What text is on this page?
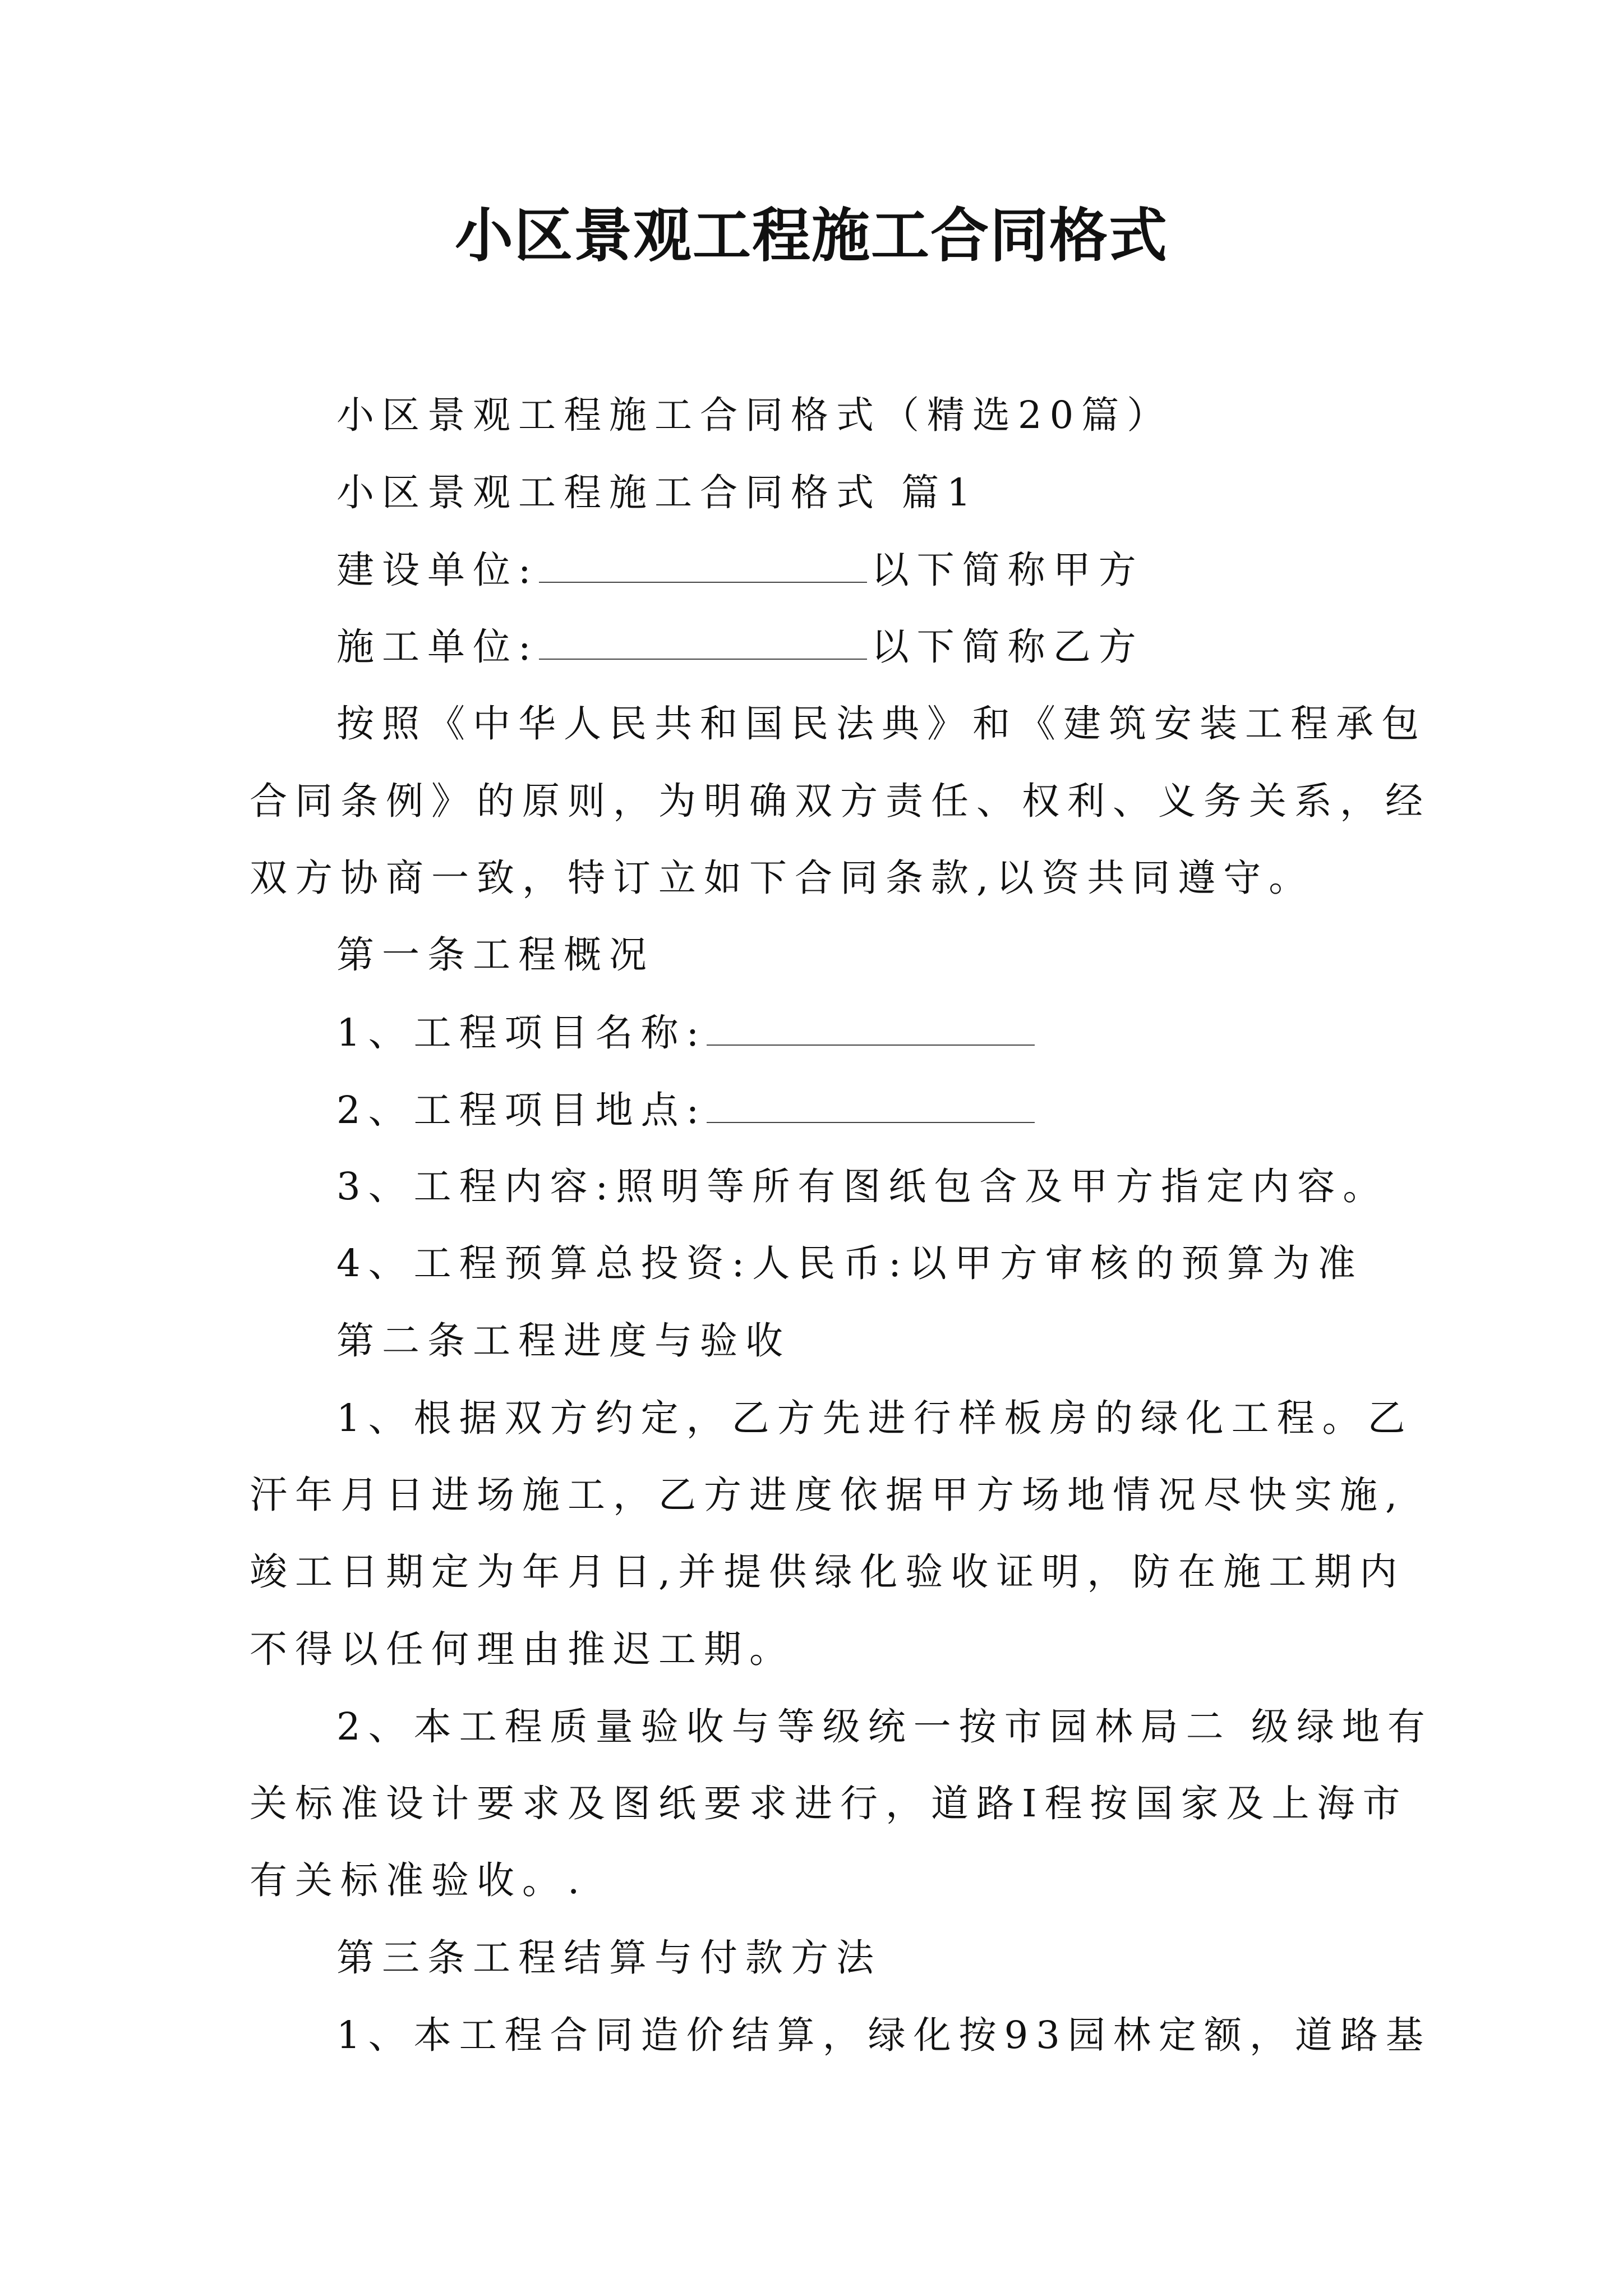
小区景观工程施工合同格式
小区景观工程施工合同格式（精选20篇）
小区景观工程施工合同格式 篇1
建设单位:	以下简称甲方
施工单位:	以下简称乙方
按照《中华人民共和国民法典》和《建筑安装工程承包
合同条例》的原则，为明确双方责任、权利、义务关系，经
双方协商一致，特订立如下合同条款,以资共同遵守。
第一条工程概况
1、工程项目名称:
2、工程项目地点:
3、工程内容:照明等所有图纸包含及甲方指定内容。
4、工程预算总投资:人民币:以甲方审核的预算为准
第二条工程进度与验收
1、根据双方约定，乙方先进行样板房的绿化工程。乙
汗年月日进场施工，乙方进度依据甲方场地情况尽快实施,
竣工日期定为年月日,并提供绿化验收证明，防在施工期内
不得以任何理由推迟工期。
2、本工程质量验收与等级统一按市园林局二 级绿地有
关标准设计要求及图纸要求进行，道路Ⅰ程按国家及上海市
有关标准验收。.
第三条工程结算与付款方法
1、本工程合同造价结算，绿化按93园林定额，道路基
